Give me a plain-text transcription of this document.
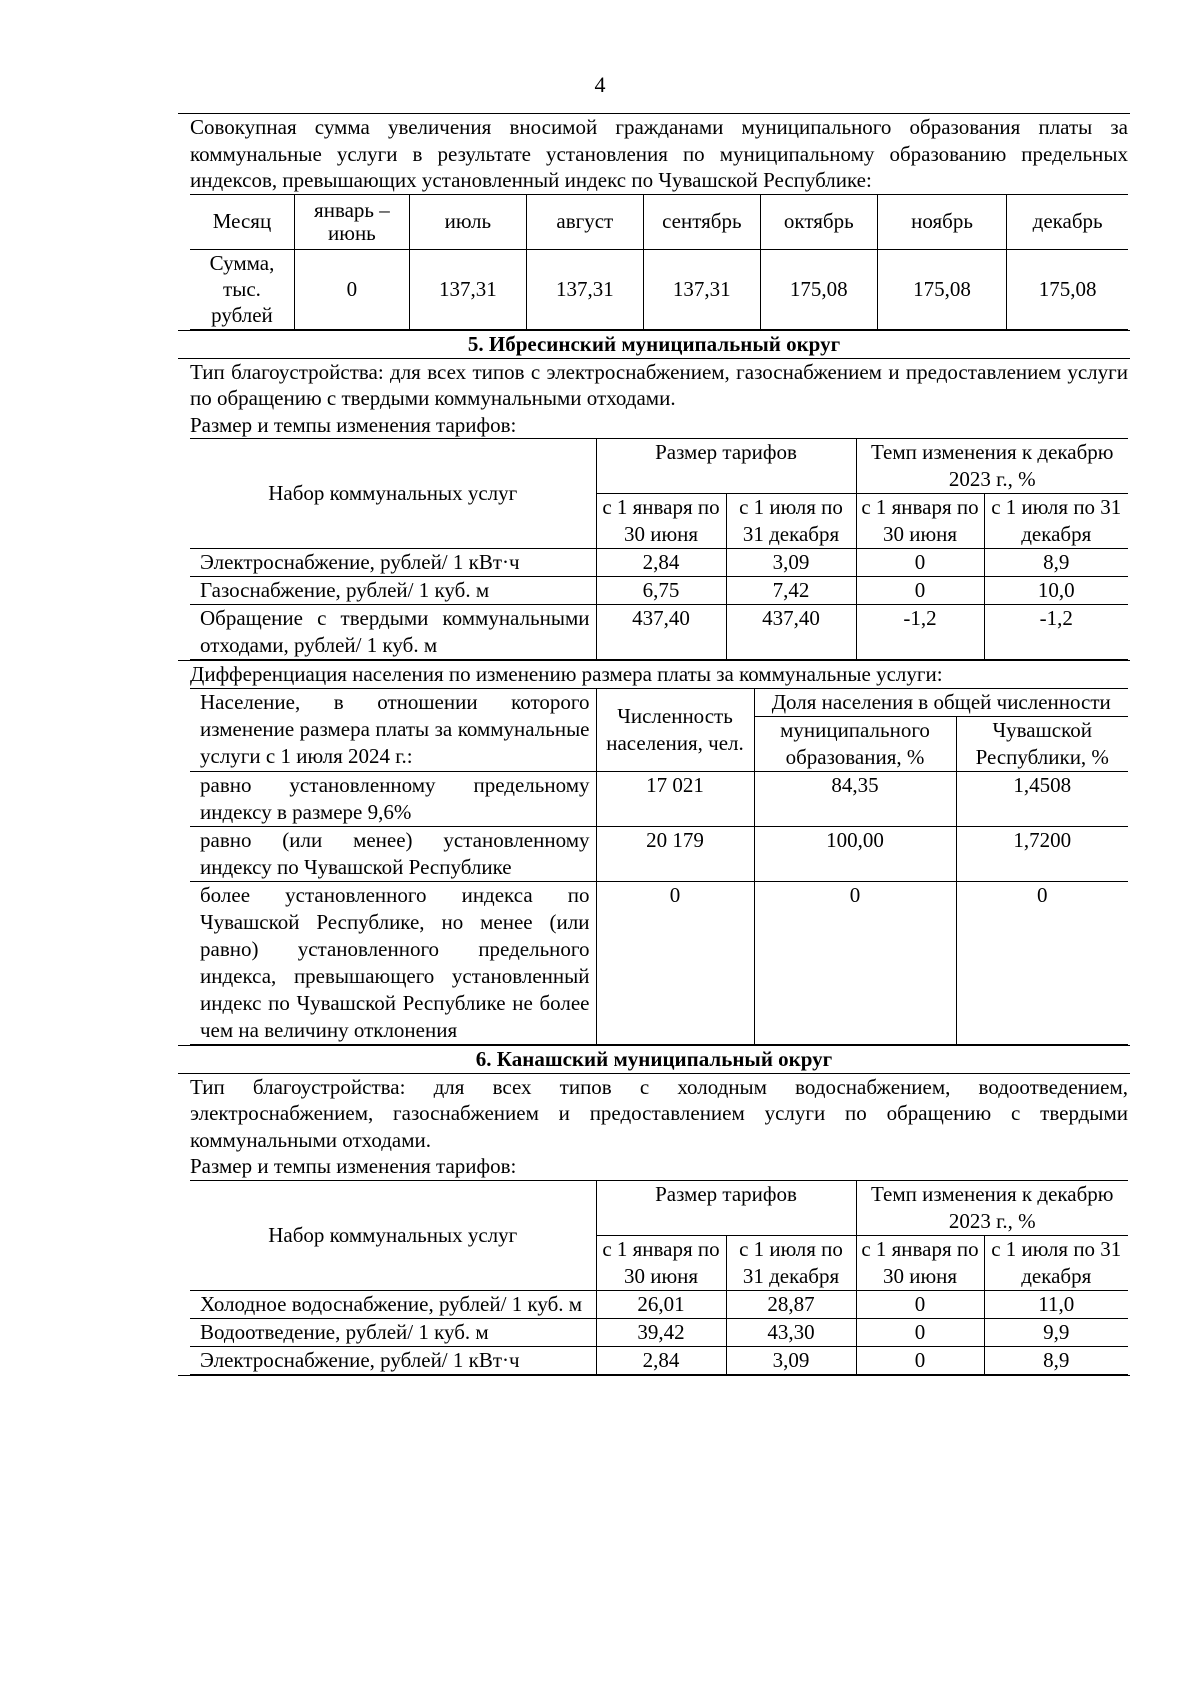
4

Совокупная сумма увеличения вносимой гражданами муниципального образования платы за коммунальные услуги в результате установления по муниципальному образованию предельных индексов, превышающих установленный индекс по Чувашской Республике:

Месяц	январь – июнь	июль	август	сентябрь	октябрь	ноябрь	декабрь
Сумма, тыс. рублей	0	137,31	137,31	137,31	175,08	175,08	175,08
5. Ибресинский муниципальный округ

Тип благоустройства: для всех типов с электроснабжением, газоснабжением и предоставлением услуги по обращению с твердыми коммунальными отходами.

Размер и темпы изменения тарифов:

Набор коммунальных услуг	Размер тарифов		Темп изменения к декабрю 2023 г., %	
	с 1 января по 30 июня	с 1 июля по 31 декабря	с 1 января по 30 июня	с 1 июля по 31 декабря
Электроснабжение, рублей/ 1 кВт·ч	2,84	3,09	0	8,9
Газоснабжение, рублей/ 1 куб. м	6,75	7,42	0	10,0
Обращение с твердыми коммунальными отходами, рублей/ 1 куб. м	437,40	437,40	-1,2	-1,2

Дифференциация населения по изменению размера платы за коммунальные услуги:

Население, в отношении которого изменение размера платы за коммунальные услуги с 1 июля 2024 г.:	Численность населения, чел.	Доля населения в общей численности	
		муниципального образования, %	Чувашской Республики, %
равно установленному предельному индексу в размере 9,6%	17 021	84,35	1,4508
равно (или менее) установленному индексу по Чувашской Республике	20 179	100,00	1,7200
более установленного индекса по Чувашской Республике, но менее (или равно) установленного предельного индекса, превышающего установленный индекс по Чувашской Республике не более чем на величину отклонения	0	0	0
6. Канашский муниципальный округ

Тип благоустройства: для всех типов с холодным водоснабжением, водоотведением, электроснабжением, газоснабжением и предоставлением услуги по обращению с твердыми коммунальными отходами.

Размер и темпы изменения тарифов:

Набор коммунальных услуг	Размер тарифов		Темп изменения к декабрю 2023 г., %	
	с 1 января по 30 июня	с 1 июля по 31 декабря	с 1 января по 30 июня	с 1 июля по 31 декабря
Холодное водоснабжение, рублей/ 1 куб. м	26,01	28,87	0	11,0
Водоотведение, рублей/ 1 куб. м	39,42	43,30	0	9,9
Электроснабжение, рублей/ 1 кВт·ч	2,84	3,09	0	8,9
